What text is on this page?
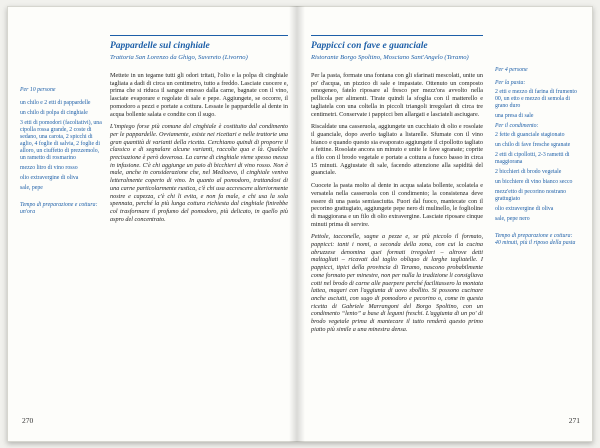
Per 10 persone

un chilo e 2 etti di pappardelle

un chilo di polpa di cinghiale

3 etti di pomodori (facoltativi), una cipolla rossa grande, 2 coste di sedano, una carota, 2 spicchi di aglio, 4 foglie di salvia, 2 foglie di alloro, un ciuffetto di prezzemolo, un rametto di rosmarino

mezzo litro di vino rosso

olio extravergine di oliva

sale, pepe

Tempo di preparazione e cottura: un'ora

Pappardelle sul cinghiale
Trattoria San Lorenzo da Ghigo, Suvereto (Livorno)

Mettete in un tegame tutti gli odori tritati, l'olio e la polpa di cinghiale tagliata a dadi di circa un centimetro, tutto a freddo. Lasciate cuocere e, prima che si riduca il sangue emesso dalla carne, bagnate con il vino, lasciate evaporare e regolate di sale e pepe. Aggiungete, se occorre, il pomodoro a pezzi e portate a cottura. Lessate le pappardelle al dente in acqua bollente salata e condite con il sugo.

L'impiego forse più comune del cinghiale è costituito dal condimento per le pappardelle. Ovviamente, esiste nei ricettari e nelle trattorie una gran quantità di varianti della ricetta. Cerchiamo quindi di proporre il classico e di segnalare alcune varianti, raccolte qua e là. Qualche precisazione è però doverosa. La carne di cinghiale viene spesso messa in infusione. C'è chi aggiunge un paio di bicchieri di vino rosso. Non è male, anche in considerazione che, nel Medioevo, il cinghiale veniva letteralmente coperto di vino. In quanto al pomodoro, trattandosi di una carne particolarmente rustica, c'è chi usa accrescere ulteriormente nostre e capezza, c'è chi li evita, e non fa male, e chi usa la sola spennata, perché la più lunga cottura richiesta dal cinghiale finirebbe col trasformare il profumo del pomodoro, più delicato, in quello più aspro del concentrato.

270
Pappicci con fave e guanciale
Ristorante Borgo Spoltino, Mosciano Sant'Angelo (Teramo)

Per la pasta, formate una fontana con gli sfarinati mescolati, unite un po' d'acqua, un pizzico di sale e impastate. Ottenuto un composto omogeneo, fatelo riposare al fresco per mezz'ora avvolto nella pellicola per alimenti. Tirate quindi la sfoglia con il matterello e tagliatela con una coltella in piccoli triangoli irregolari di circa tre centimetri. Conservate i pappicci ben allargati e lasciateli asciugare.

Riscaldate una casseruola, aggiungete un cucchiaio di olio e rosolate il guanciale, dopo averlo tagliato a listarelle. Sfumate con il vino bianco e quando questo sia evaporato aggiungete il cipollotto tagliato a fettine. Rosolate ancora un minuto e unite le fave sgranate; coprite a filo con il brodo vegetale e portate a cottura a fuoco basso in circa 15 minuti. Aggiustate di sale, facendo attenzione alla sapidità del guanciale.

Cuocete la pasta molto al dente in acqua salata bollente, scolatela e versatela nella casseruola con il condimento; la consistenza deve essere di una pasta semiasciutta. Fuori dal fuoco, mantecate con il pecorino grattugiato, aggiungete pepe nero di mulinello, le foglioline di maggiorana e un filo di olio extravergine. Lasciate riposare cinque minuti prima di servire.

Pettole, tacconelle, sagne a pezze e, se più piccolo il formato, pappicci: tanti i nomi, a seconda della zona, con cui la cucina abruzzese denomina quei formati irregolari – altrove detti maltagliati – ricavati dal taglio obliquo di larghe tagliatelle. I pappicci, tipici della provincia di Teramo, nascono probabilmente come formato per minestre, non per nulla la tradizione li consigliava cotti nel brodo di carne alle puerpere perché facilitassero la montata lattea, magari con l'aggiunta di uovo sbollito. Si possono cucinare anche asciutti, con sugo di pomodoro e pecorino o, come in questa ricetta di Gabriele Marrangoni del Borgo Spoltino, con un condimento “lento” a base di legumi freschi. L'aggiunta di un po' di brodo vegetale prima di mantecare il tutto renderà questo primo piatto più simile a una minestra densa.

Per 4 persone

Per la pasta:

2 etti e mezzo di farina di frumento 00, un etto e mezzo di semola di grano duro

una presa di sale

Per il condimento:

2 fette di guanciale stagionato

un chilo di fave fresche sgranate

2 etti di cipollotti, 2-3 rametti di maggiorana

2 bicchieri di brodo vegetale

un bicchiere di vino bianco secco

mezz'etto di pecorino nostrano grattugiato

olio extravergine di oliva

sale, pepe nero

Tempo di preparazione e cottura: 40 minuti, più il riposo della pasta

271
